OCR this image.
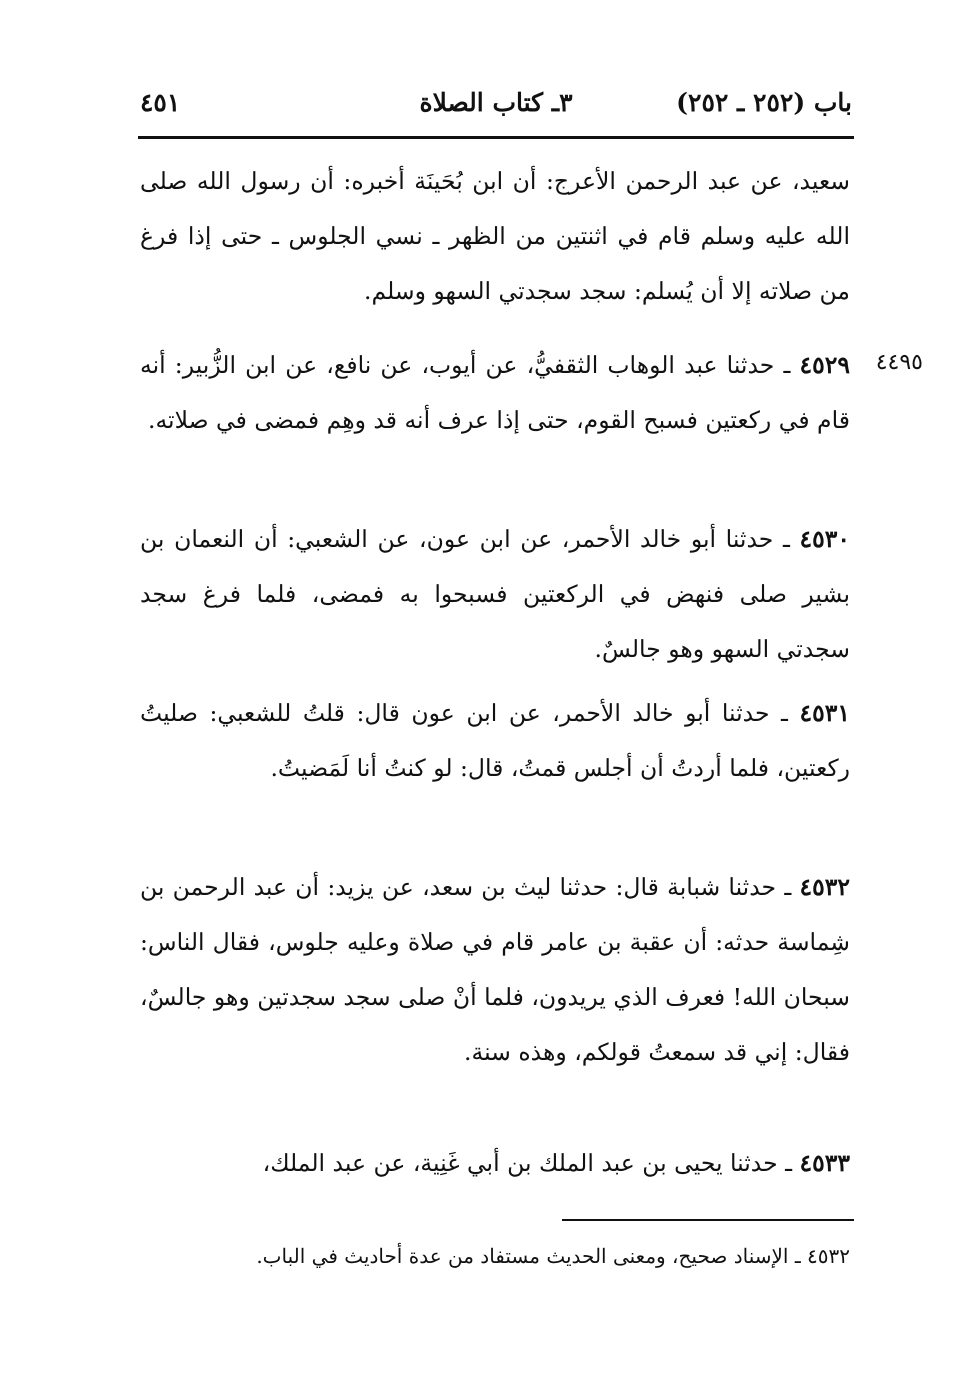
باب (٢٥٢ ـ ٢٥٢)
٣ـ كتاب الصلاة
٤٥١

سعيد، عن عبد الرحمن الأعرج: أن ابن بُحَينَة أخبره: أن رسول الله صلى الله عليه وسلم قام في اثنتين من الظهر ـ نسي الجلوس ـ حتى إذا فرغ من صلاته إلا أن يُسلم: سجد سجدتي السهو وسلم.

٤٤٩٥

٤٥٢٩ ـ حدثنا عبد الوهاب الثقفيُّ، عن أيوب، عن نافع، عن ابن الزُّبير: أنه قام في ركعتين فسبح القوم، حتى إذا عرف أنه قد وهِم فمضى في صلاته.

٤٥٣٠ ـ حدثنا أبو خالد الأحمر، عن ابن عون، عن الشعبي: أن النعمان بن بشير صلى فنهض في الركعتين فسبحوا به فمضى، فلما فرغ سجد سجدتي السهو وهو جالسٌ.

٤٥٣١ ـ حدثنا أبو خالد الأحمر، عن ابن عون قال: قلتُ للشعبي: صليتُ ركعتين، فلما أردتُ أن أجلس قمتُ، قال: لو كنتُ أنا لَمَضيتُ.

٤٥٣٢ ـ حدثنا شبابة قال: حدثنا ليث بن سعد، عن يزيد: أن عبد الرحمن بن شِماسة حدثه: أن عقبة بن عامر قام في صلاة وعليه جلوس، فقال الناس: سبحان الله! فعرف الذي يريدون، فلما أنْ صلى سجد سجدتين وهو جالسٌ، فقال: إني قد سمعتُ قولكم، وهذه سنة.

٤٥٣٣ ـ حدثنا يحيى بن عبد الملك بن أبي غَنِية، عن عبد الملك،

٤٥٣٢ ـ الإسناد صحيح، ومعنى الحديث مستفاد من عدة أحاديث في الباب.
